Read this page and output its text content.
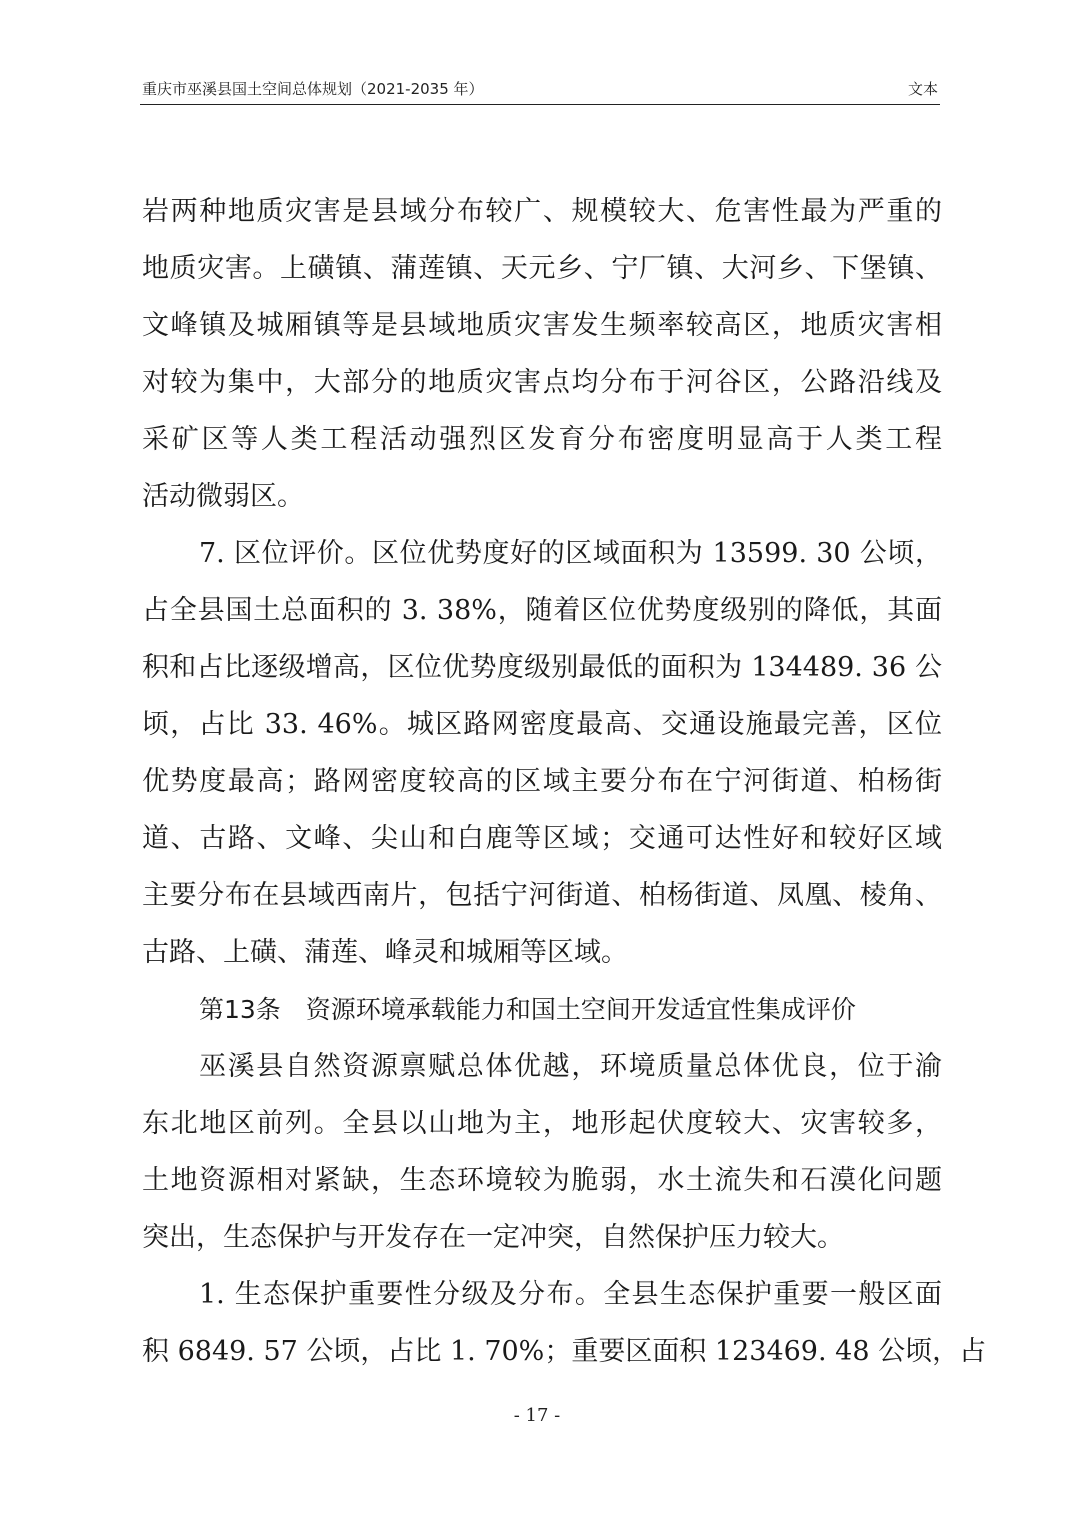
重庆市巫溪县国土空间总体规划（2021-2035 年）	文本
岩两种地质灾害是县域分布较广、规模较大、危害性最为严重的
地质灾害。上磺镇、蒲莲镇、天元乡、宁厂镇、大河乡、下堡镇、
文峰镇及城厢镇等是县域地质灾害发生频率较高区，地质灾害相
对较为集中，大部分的地质灾害点均分布于河谷区，公路沿线及
采矿区等人类工程活动强烈区发育分布密度明显高于人类工程
活动微弱区。
7. 区位评价。区位优势度好的区域面积为 13599. 30 公顷，
占全县国土总面积的 3. 38%，随着区位优势度级别的降低，其面
积和占比逐级增高，区位优势度级别最低的面积为 134489. 36 公
顷，占比 33. 46%。城区路网密度最高、交通设施最完善，区位
优势度最高；路网密度较高的区域主要分布在宁河街道、柏杨街
道、古路、文峰、尖山和白鹿等区域；交通可达性好和较好区域
主要分布在县域西南片，包括宁河街道、柏杨街道、凤凰、棱角、
古路、上磺、蒲莲、峰灵和城厢等区域。
第13条　资源环境承载能力和国土空间开发适宜性集成评价
巫溪县自然资源禀赋总体优越，环境质量总体优良，位于渝
东北地区前列。全县以山地为主，地形起伏度较大、灾害较多，
土地资源相对紧缺，生态环境较为脆弱，水土流失和石漠化问题
突出，生态保护与开发存在一定冲突，自然保护压力较大。
1. 生态保护重要性分级及分布。全县生态保护重要一般区面
积 6849. 57 公顷，占比 1. 70%；重要区面积 123469. 48 公顷，占
- 17 -
